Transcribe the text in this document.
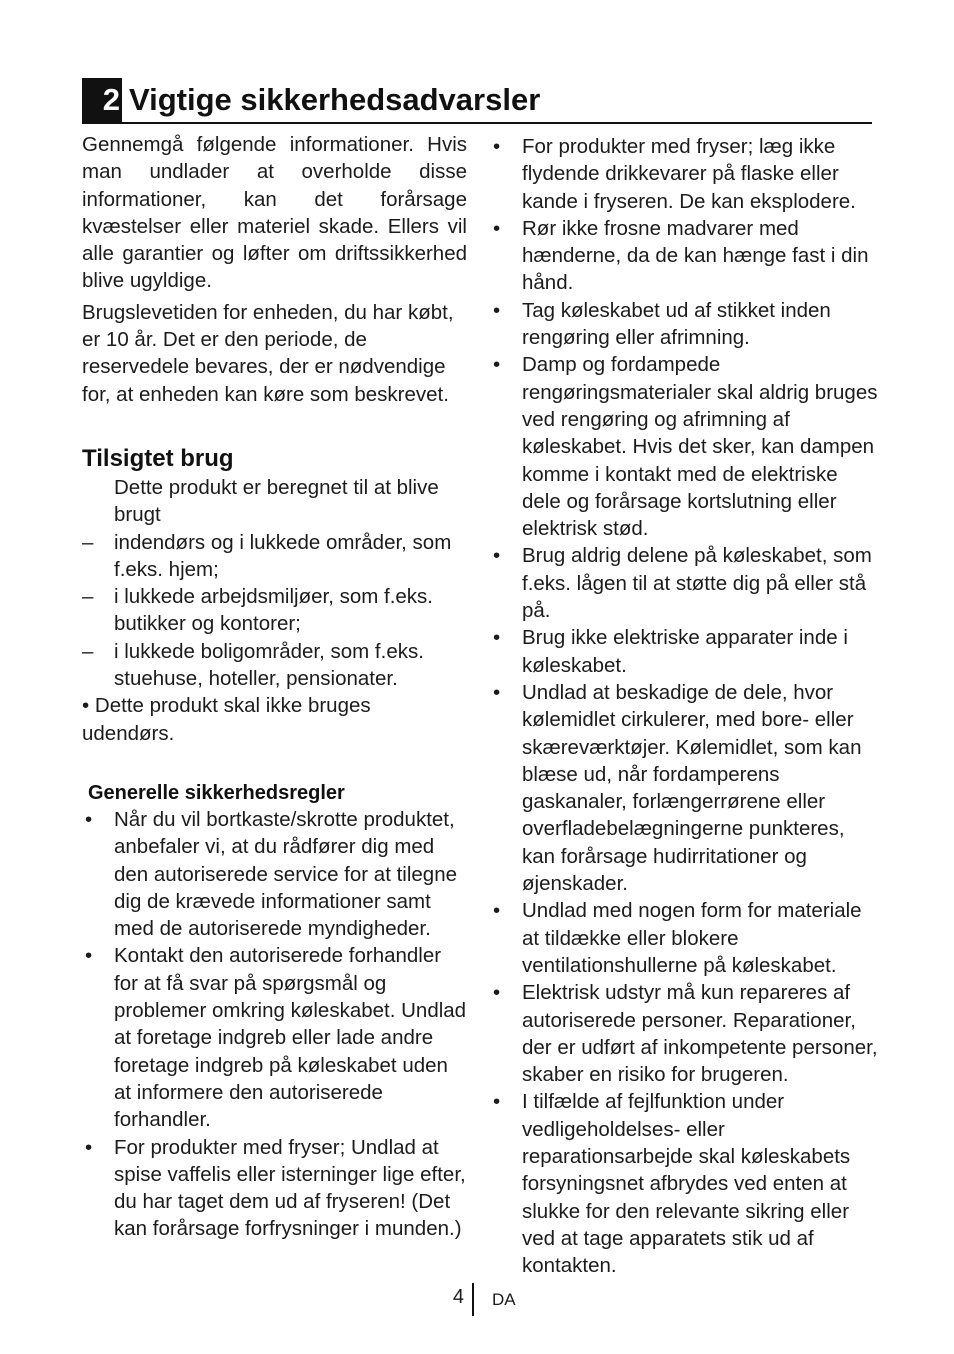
2 Vigtige sikkerhedsadvarsler

Gennemgå følgende informationer. Hvis man undlader at overholde disse informationer, kan det forårsage kvæstelser eller materiel skade. Ellers vil alle garantier og løfter om driftssikkerhed blive ugyldige.

Brugslevetiden for enheden, du har købt, er 10 år. Det er den periode, de reservedele bevares, der er nødvendige for, at enheden kan køre som beskrevet.

Tilsigtet brug

Dette produkt er beregnet til at blive brugt

–	indendørs og i lukkede områder, som f.eks. hjem;
–	i lukkede arbejdsmiljøer, som f.eks. butikker og kontorer;
–	i lukkede boligområder, som f.eks. stuehuse, hoteller, pensionater.

• Dette produkt skal ikke bruges udendørs.

Generelle sikkerhedsregler
•	Når du vil bortkaste/skrotte produktet, anbefaler vi, at du rådfører dig med den autoriserede service for at tilegne dig de krævede informationer samt med de autoriserede myndigheder.
•	Kontakt den autoriserede forhandler for at få svar på spørgsmål og problemer omkring køleskabet. Undlad at foretage indgreb eller lade andre foretage indgreb på køleskabet uden at informere den autoriserede forhandler.
•	For produkter med fryser; Undlad at spise vaffelis eller isterninger lige efter, du har taget dem ud af fryseren! (Det kan forårsage forfrysninger i munden.)
•	For produkter med fryser; læg ikke flydende drikkevarer på flaske eller kande i fryseren. De kan eksplodere.
•	Rør ikke frosne madvarer med hænderne, da de kan hænge fast i din hånd.
•	Tag køleskabet ud af stikket inden rengøring eller afrimning.
•	Damp og fordampede rengøringsmaterialer skal aldrig bruges ved rengøring og afrimning af køleskabet. Hvis det sker, kan dampen komme i kontakt med de elektriske dele og forårsage kortslutning eller elektrisk stød.
•	Brug aldrig delene på køleskabet, som f.eks. lågen til at støtte dig på eller stå på.
•	Brug ikke elektriske apparater inde i køleskabet.
•	Undlad at beskadige de dele, hvor kølemidlet cirkulerer, med bore- eller skæreværktøjer. Kølemidlet, som kan blæse ud, når fordamperens gaskanaler, forlængerrørene eller overfladebelægningerne punkteres, kan forårsage hudirritationer og øjenskader.
•	Undlad med nogen form for materiale at tildække eller blokere ventilationshullerne på køleskabet.
•	Elektrisk udstyr må kun repareres af autoriserede personer. Reparationer, der er udført af inkompetente personer, skaber en risiko for brugeren.
•	I tilfælde af fejlfunktion under vedligeholdelses- eller reparationsarbejde skal køleskabets forsyningsnet afbrydes ved enten at slukke for den relevante sikring eller ved at tage apparatets stik ud af kontakten.
4 DA
